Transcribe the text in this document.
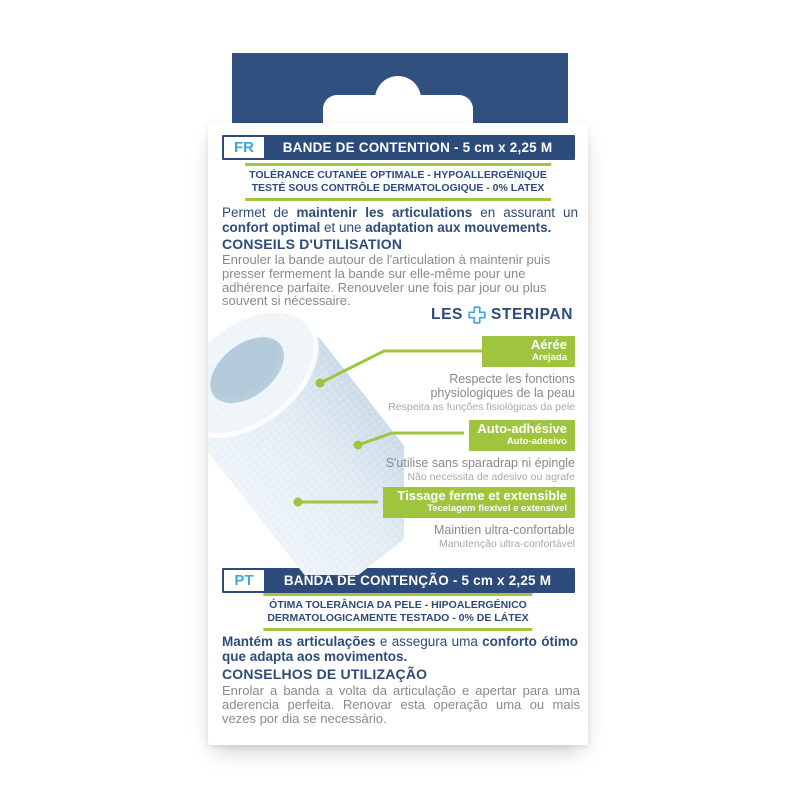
FR	BANDE DE CONTENTION - 5 cm x 2,25 M
TOLÉRANCE CUTANÉE OPTIMALE - HYPOALLERGÉNIQUE
TESTÉ SOUS CONTRÔLE DERMATOLOGIQUE - 0% LATEX
Permet de maintenir les articulations en assurant un confort optimal et une adaptation aux mouvements.
CONSEILS D'UTILISATION
Enrouler la bande autour de l'articulation à maintenir puis presser fermement la bande sur elle-même pour une adhérence parfaite. Renouveler une fois par jour ou plus souvent si nécessaire.
LES STERIPAN
Aérée
Arejada
Respecte les fonctions physiologiques de la peau
Respeita as funções fisiológicas da pele
Auto-adhésive
Auto-adesivo
S'utilise sans sparadrap ni épingle
Não necessita de adesivo ou agrafe
Tissage ferme et extensible
Tecelagem flexível e extensível
Maintien ultra-confortable
Manutenção ultra-confortável
PT	BANDA DE CONTENÇÃO - 5 cm x 2,25 M
ÓTIMA TOLERÂNCIA DA PELE - HIPOALERGÉNICO
DERMATOLOGICAMENTE TESTADO - 0% DE LÁTEX
Mantém as articulações e assegura uma conforto ótimo que adapta aos movimentos.
CONSELHOS DE UTILIZAÇÃO
Enrolar a banda a volta da articulação e apertar para uma aderencia perfeita. Renovar esta operação uma ou mais vezes por dia se necessário.
